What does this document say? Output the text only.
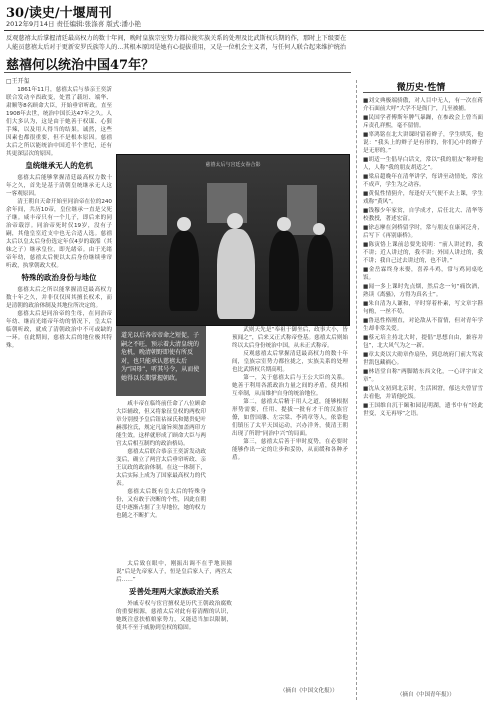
30/读史/十堰周刊
2012年9月14日 责任编辑:张涤喜 版式:潘小艳
反观慈禧太后掌握清廷最高权力的数十年间，晚时皇族宗室势力都拉拢实族关系的处理及比武斯权兵期的作，那时上下级要在人能员慈禧太后对于更新安罗氏族等人的...其根本原因是她有心提拔重用，又是一位机会主义者，与任何人联合起来维护统治
慈禧何以统治中国47年？
□王开玺

1861年11月，慈禧太后与恭亲王奕訢联合发动辛酉政变，处置了载垣、端华、肃顺等8名顾命大臣，开始垂帘听政。直至1908年去世，统治中国长达47年之久。人们大多认为，这是由于她善于权谋、心狠手辣，以及用人得当的结果。诚然，这些因素也都很重要，但不是根本原因。慈禧太后之所以能统治中国近半个世纪，还有其更深层次的原因。

皇统继承无人的危机

慈禧太后能够掌握清廷最高权力数十年之久，首先是基于清朝皇统继承无人这一客观原因。

清王朝自天命开始至同治帝在位的240余年间，共历10帝，皇位继承一直是父死子继。咸丰帝只有一个儿子，即后来的同治帝载淳。同治帝死时仅19岁，没有子嗣，其他皇室近支中也无合适人选。慈禧太后以皇太后身份选定年仅4岁的载湉（其妹之子）继承皇位，即光绪帝。由于光绪帝年幼，慈禧太后便以太后身份继续垂帘听政，执掌朝政大权。

特殊的政治身份与地位

慈禧太后之所以能掌握清廷最高权力数十年之久，并非仅仅因其擅长权术，而是清朝的政治体制及其地位所决定的。

慈禧太后是同治帝的生母，在同治帝年幼、继而光绪帝年幼的情况下，皇太后临朝听政，就成了清朝政治中不可或缺的一环。在此期间，慈禧太后的地位极其特殊。

慈禧太后与宫廷女眷合影

咸丰帝在临终前任命了八位顾命大臣辅政，但又将象征皇权的两枚印章分别授予皇后钮祜禄氏和懿贵妃叶赫那拉氏，规定凡谕旨须加盖两印方能生效。这样就形成了顾命大臣与两宫太后相互制约的政治格局。

慈禧太后联合恭亲王奕訢发动政变后，确立了两宫太后垂帘听政、亲王议政的政治体制。在这一体制下，太后实际上成为了国家最高权力的代表。

慈禧太后既有皇太后的特殊身份，又有敢于决断的个性，因此在朝廷中逐渐占据了主导地位，她的权力也随之不断扩大。

道光以后各帝帝命之短促，子嗣之不旺，预示着大清皇统的危机，晚清朝野即使有所反对，也只能承认慈禧太后为“国母”，听其号令，从而使她得以长期掌握朝政。

武则天先是“奉祖于御坐后，政事大小，皆预闻之”，后来又正式称帝登基。慈禧太后则始终以太后身份统治中国，从未正式称帝。

反观慈禧太后掌握清廷最高权力的数十年间，皇族宗室势力都拉拢之，实族关系的处理也比武斯权兵期高明。

第一，关于慈禧太后与王公大臣的关系。她善于利用各派政治力量之间的矛盾，使其相互牵制，从而维护自身的统治地位。

第二，慈禧太后精于用人之道，能够根据形势需要，任用、提拔一批有才干的汉族官僚，如曾国藩、左宗棠、李鸿章等人，依靠他们镇压了太平天国运动，兴办洋务，使清王朝出现了所谓“同治中兴”的局面。

第三，慈禧太后善于审时度势，在必要时能够作出一定的让步和妥协，从而缓和各种矛盾。

微历史·性情

■刘文典极端骄傲，对人目中无人，有一次在蒋介石面前大呼“大学不是衙门”，几至被捕。

■民国学者傅斯年脾气暴躁，在参政会上曾当面斥责孔祥熙，毫不留情。

■辜鸿铭在北大讲课时留着辫子，学生哄笑，他说：“我头上的辫子是有形的，你们心中的辫子是无形的。”

■胡适一生倡导白话文，常以“我的朋友”称呼他人，人称“我的朋友胡适之”。

■梁启超晚年在清华讲学，每讲至动情处，常泣不成声，学生为之动容。

■黄侃性情狷介，每逢好天气便不去上课，学生戏称“黄风”。

■钱穆少年家贫，自学成才，后任北大、清华等校教授，著述宏富。

■徐志摩在剑桥留学时，常与朋友在康河泛舟，后写下《再别康桥》。

■陈寅恪上课前总要先说明：“前人讲过的，我不讲；近人讲过的，我不讲；外国人讲过的，我不讲；我自己过去讲过的，也不讲。”

■金岳霖终身未娶，喜养斗鸡，常与鸡同桌吃饭。

■闻一多上课时先点烟，然后念一句“痛饮酒，熟读《离骚》，方得为真名士”。

■朱自清为人谦和，平时穿着朴素，写文章字斟句酌，一丝不苟。

■鲁迅性格刚直，对论敌从不留情，但对青年学生却非常关爱。

■蔡元培主持北大时，提倡“思想自由，兼容并包”，北大风气为之一新。

■章太炎以大勋章作扇坠，到总统府门前大骂袁世凯包藏祸心。

■林语堂自称“两脚踏东西文化，一心评宇宙文章”。

■沈从文初到北京时，生活困窘，郁达夫曾冒雪去看他，并请他吃饭。

■王国维自沉于颐和园昆明湖，遗书中有“经此世变，义无再辱”之语。

（摘自《中国青年报》）

太后致在眼中，刚振出调不在乎地顶撞说“后是先帝家人子，恒是皇后家人子，两宫太后……”

妥善处理两大家族政治关系

外戚专权与宦官擅权是历代王朝政治腐败的重要根源，慈禧太后对此有着清醒的认识，她既注意扶植娘家势力，又能适当加以限制，使其不至于威胁到皇权的稳固。

（摘自《中国文化报》）
